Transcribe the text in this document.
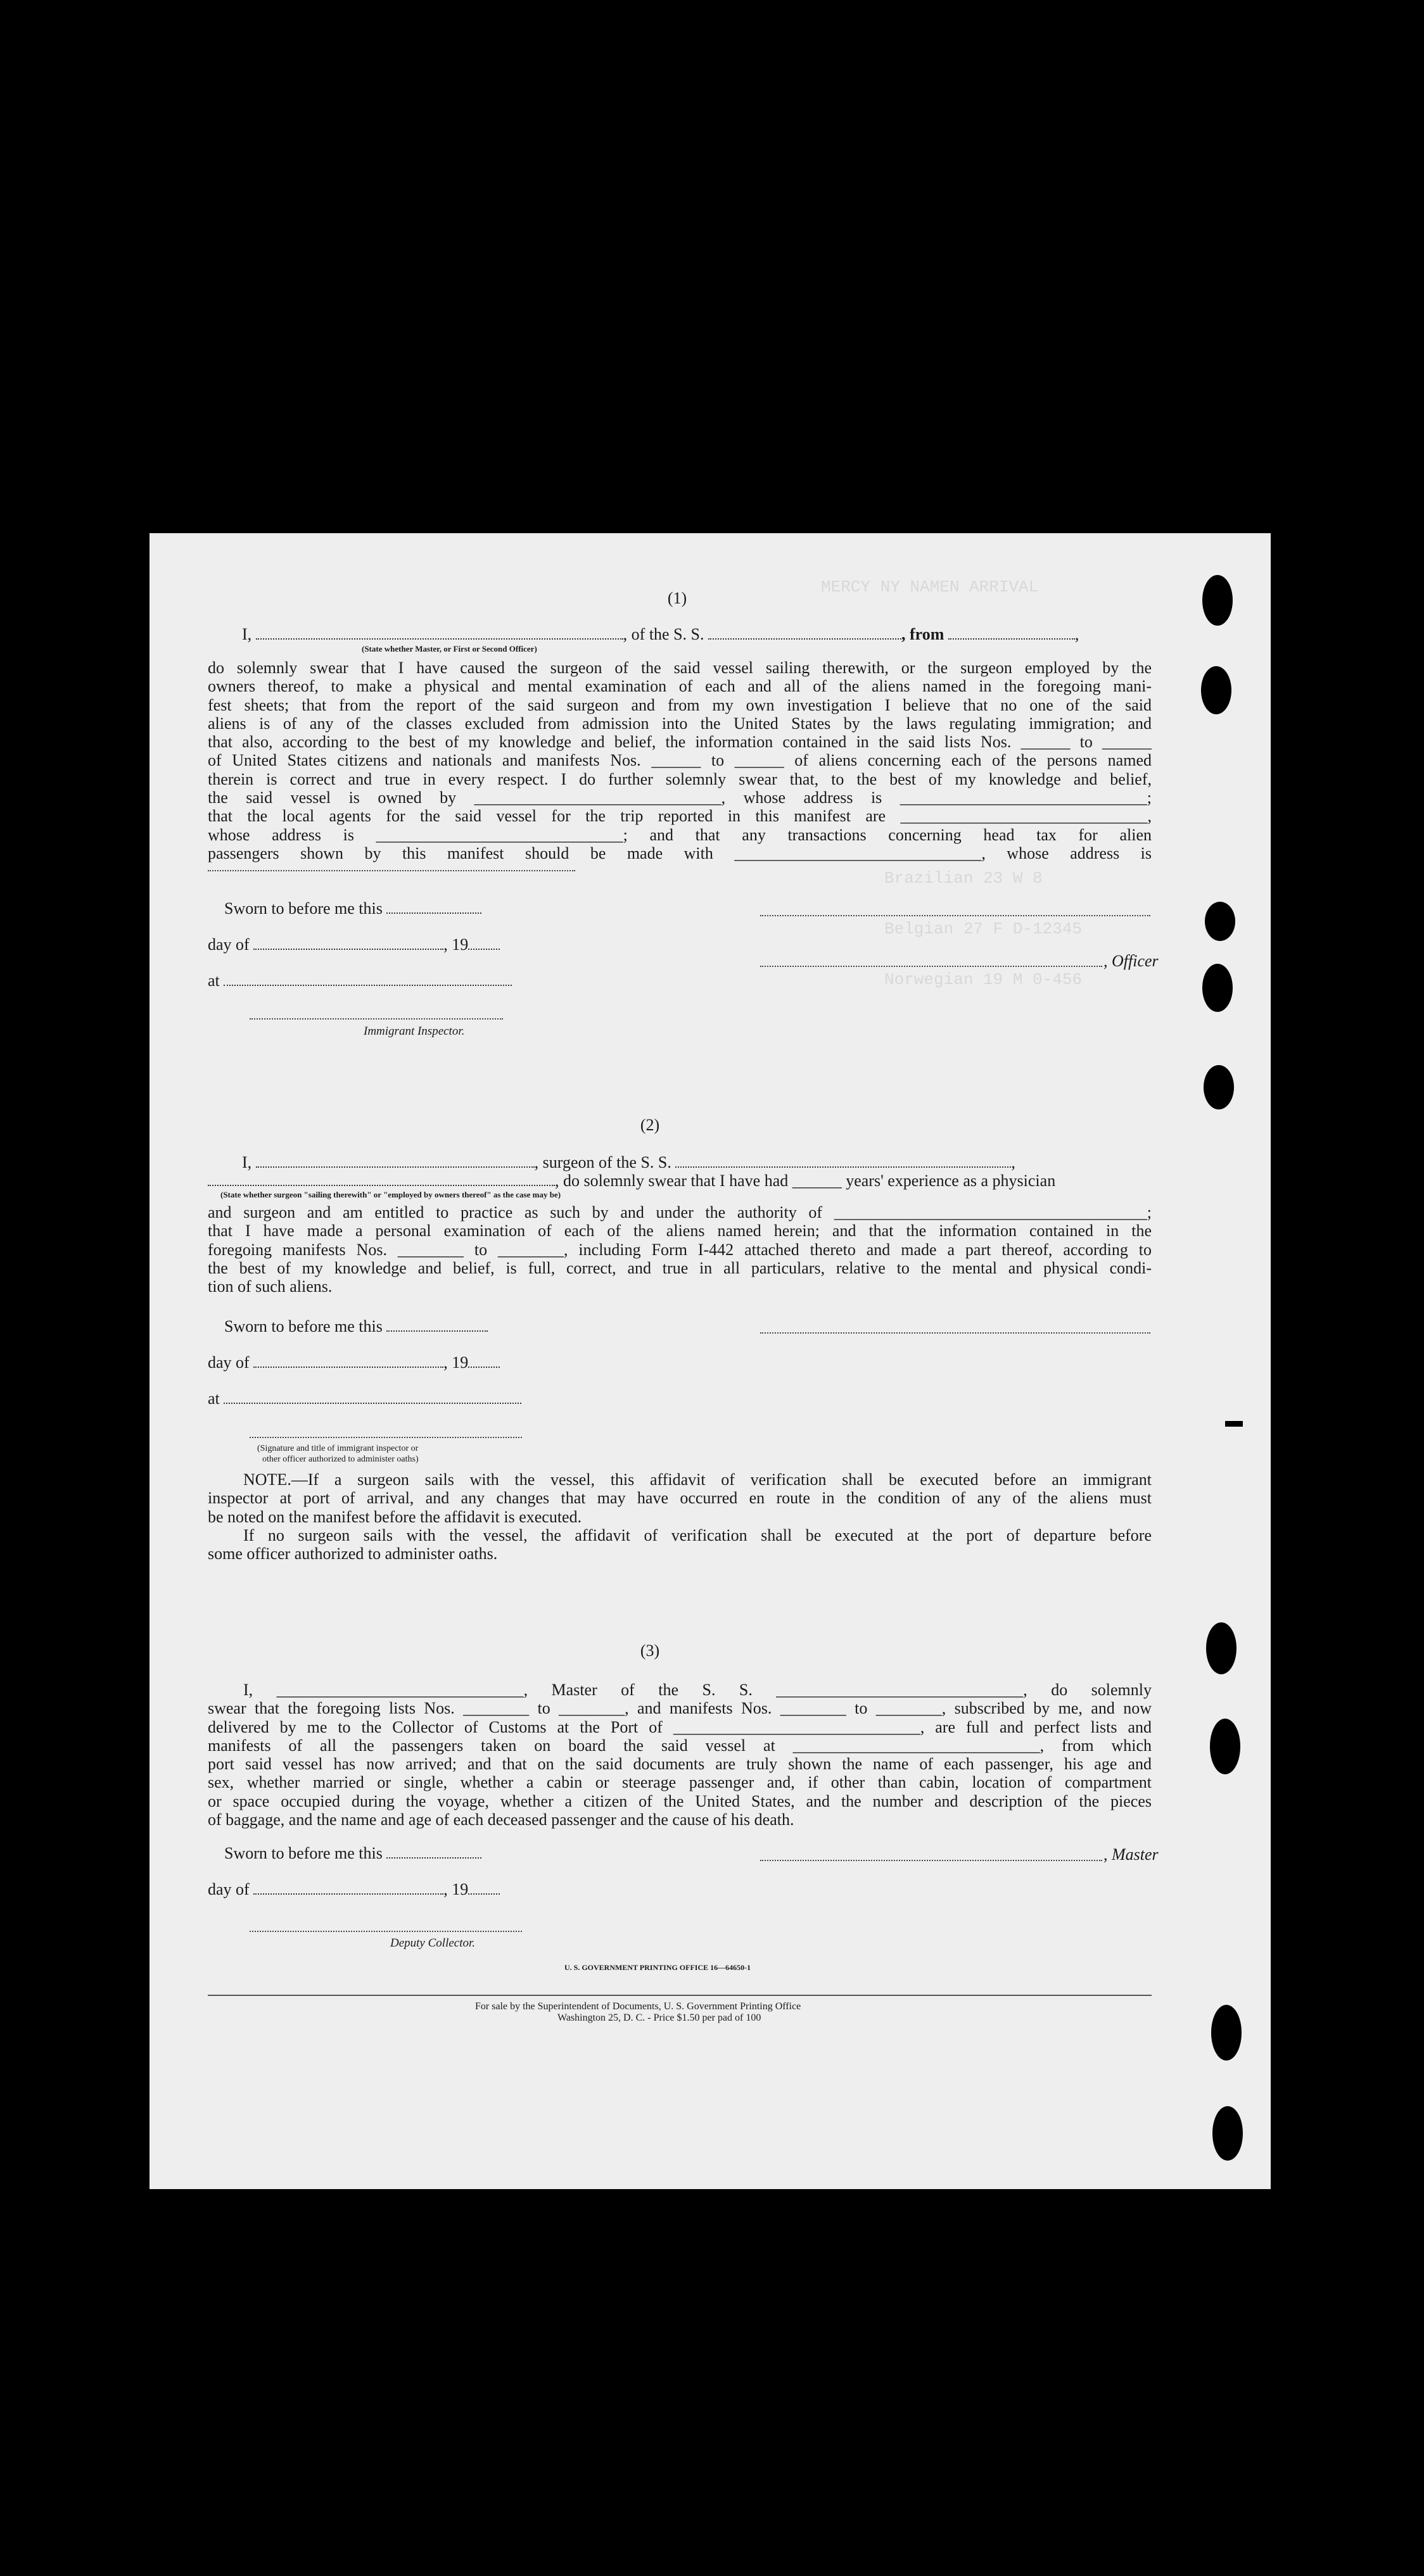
MERCY NY NAMEN ARRIVAL
Brazilian 23 W 8
Belgian 27 F D-12345
Norwegian 19 M 0-456
(1)
I,	, of the S. S.	, from	,
(State whether Master, or First or Second Officer)
do solemnly swear that I have caused the surgeon of the said vessel sailing therewith, or the surgeon employed by the
owners thereof, to make a physical and mental examination of each and all of the aliens named in the foregoing mani-
fest sheets; that from the report of the said surgeon and from my own investigation I believe that no one of the said
aliens is of any of the classes excluded from admission into the United States by the laws regulating immigration; and
that also, according to the best of my knowledge and belief, the information contained in the said lists Nos. ______ to ______
of United States citizens and nationals and manifests Nos. ______ to ______ of aliens concerning each of the persons named
therein is correct and true in every respect. I do further solemnly swear that, to the best of my knowledge and belief,
the said vessel is owned by ______________________________, whose address is ______________________________;
that the local agents for the said vessel for the trip reported in this manifest are ______________________________,
whose address is ______________________________; and that any transactions concerning head tax for alien
passengers shown by this manifest should be made with ______________________________, whose address is
Sworn to before me this
day of	, 19
, Officer
at
Immigrant Inspector.
(2)
I,	, surgeon of the S. S.	,
, do solemnly swear that I have had ______ years' experience as a physician
(State whether surgeon "sailing therewith" or "employed by owners thereof" as the case may be)
and surgeon and am entitled to practice as such by and under the authority of ______________________________________;
that I have made a personal examination of each of the aliens named herein; and that the information contained in the
foregoing manifests Nos. ________ to ________, including Form I-442 attached thereto and made a part thereof, according to
the best of my knowledge and belief, is full, correct, and true in all particulars, relative to the mental and physical condi-
tion of such aliens.
Sworn to before me this
day of	, 19
at
(Signature and title of immigrant inspector or
other officer authorized to administer oaths)
NOTE.—If a surgeon sails with the vessel, this affidavit of verification shall be executed before an immigrant
inspector at port of arrival, and any changes that may have occurred en route in the condition of any of the aliens must
be noted on the manifest before the affidavit is executed.
If no surgeon sails with the vessel, the affidavit of verification shall be executed at the port of departure before
some officer authorized to administer oaths.
(3)
I, ______________________________, Master of the S. S. ______________________________, do solemnly
swear that the foregoing lists Nos. ________ to ________, and manifests Nos. ________ to ________, subscribed by me, and now
delivered by me to the Collector of Customs at the Port of ______________________________, are full and perfect lists and
manifests of all the passengers taken on board the said vessel at ______________________________, from which
port said vessel has now arrived; and that on the said documents are truly shown the name of each passenger, his age and
sex, whether married or single, whether a cabin or steerage passenger and, if other than cabin, location of compartment
or space occupied during the voyage, whether a citizen of the United States, and the number and description of the pieces
of baggage, and the name and age of each deceased passenger and the cause of his death.
Sworn to before me this	, Master
day of	, 19
Deputy Collector.
U. S. GOVERNMENT PRINTING OFFICE 16—64650-1
For sale by the Superintendent of Documents, U. S. Government Printing Office
Washington 25, D. C. - Price $1.50 per pad of 100
